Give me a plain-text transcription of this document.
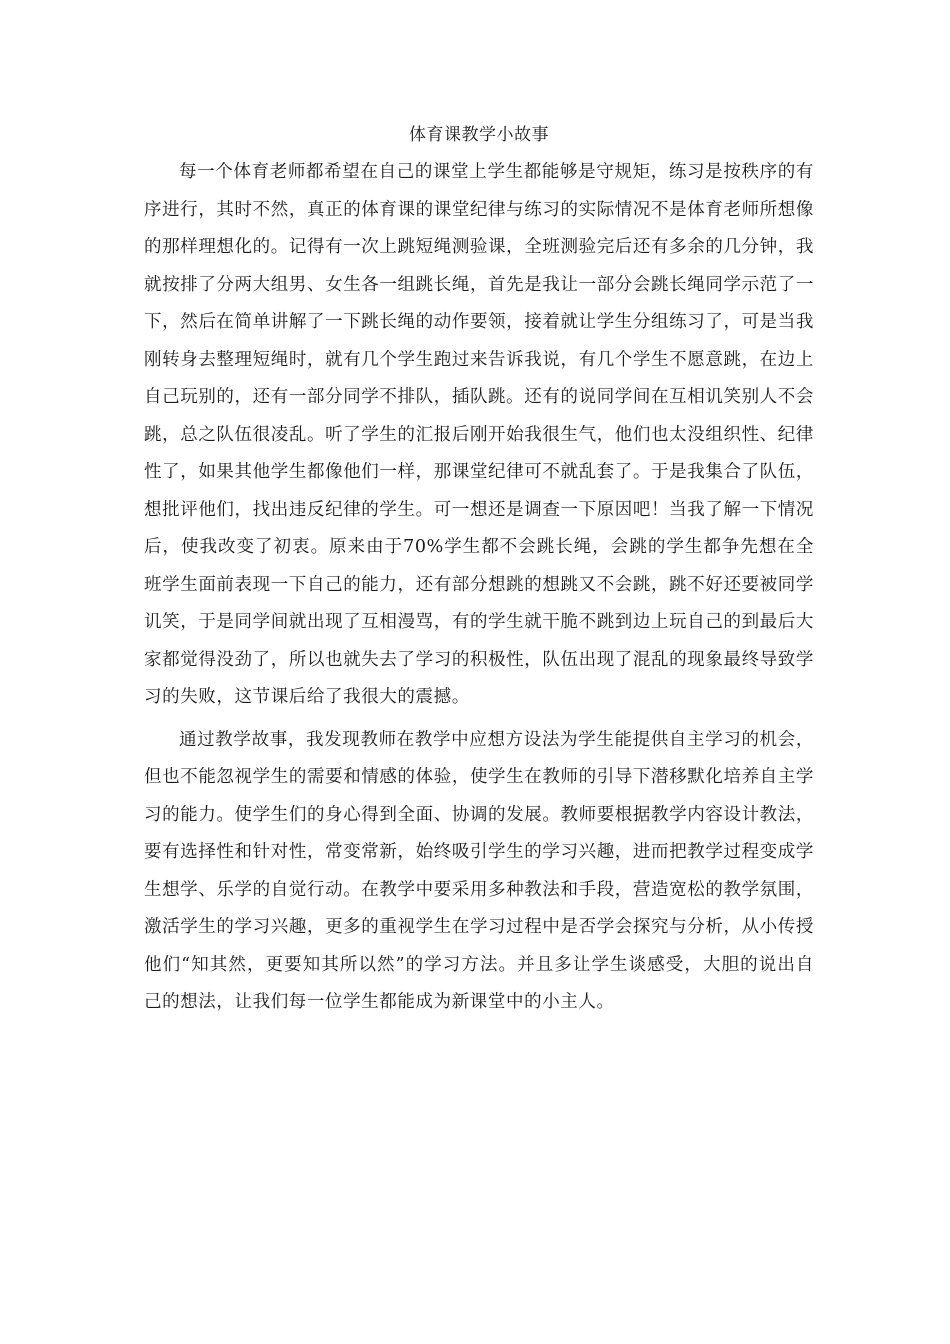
体育课教学小故事

每一个体育老师都希望在自己的课堂上学生都能够是守规矩，练习是按秩序的有序进行，其时不然，真正的体育课的课堂纪律与练习的实际情况不是体育老师所想像的那样理想化的。记得有一次上跳短绳测验课，全班测验完后还有多余的几分钟，我就按排了分两大组男、女生各一组跳长绳，首先是我让一部分会跳长绳同学示范了一下，然后在简单讲解了一下跳长绳的动作要领，接着就让学生分组练习了，可是当我刚转身去整理短绳时，就有几个学生跑过来告诉我说，有几个学生不愿意跳，在边上自己玩别的，还有一部分同学不排队，插队跳。还有的说同学间在互相讥笑别人不会跳，总之队伍很凌乱。听了学生的汇报后刚开始我很生气，他们也太没组织性、纪律性了，如果其他学生都像他们一样，那课堂纪律可不就乱套了。于是我集合了队伍，想批评他们，找出违反纪律的学生。可一想还是调查一下原因吧！当我了解一下情况后，使我改变了初衷。原来由于70%学生都不会跳长绳，会跳的学生都争先想在全班学生面前表现一下自己的能力，还有部分想跳的想跳又不会跳，跳不好还要被同学讥笑，于是同学间就出现了互相漫骂，有的学生就干脆不跳到边上玩自己的到最后大家都觉得没劲了，所以也就失去了学习的积极性，队伍出现了混乱的现象最终导致学习的失败，这节课后给了我很大的震撼。

通过教学故事，我发现教师在教学中应想方设法为学生能提供自主学习的机会，但也不能忽视学生的需要和情感的体验，使学生在教师的引导下潜移默化培养自主学习的能力。使学生们的身心得到全面、协调的发展。教师要根据教学内容设计教法，要有选择性和针对性，常变常新，始终吸引学生的学习兴趣，进而把教学过程变成学生想学、乐学的自觉行动。在教学中要采用多种教法和手段，营造宽松的教学氛围，激活学生的学习兴趣，更多的重视学生在学习过程中是否学会探究与分析，从小传授他们“知其然，更要知其所以然”的学习方法。并且多让学生谈感受，大胆的说出自己的想法，让我们每一位学生都能成为新课堂中的小主人。
